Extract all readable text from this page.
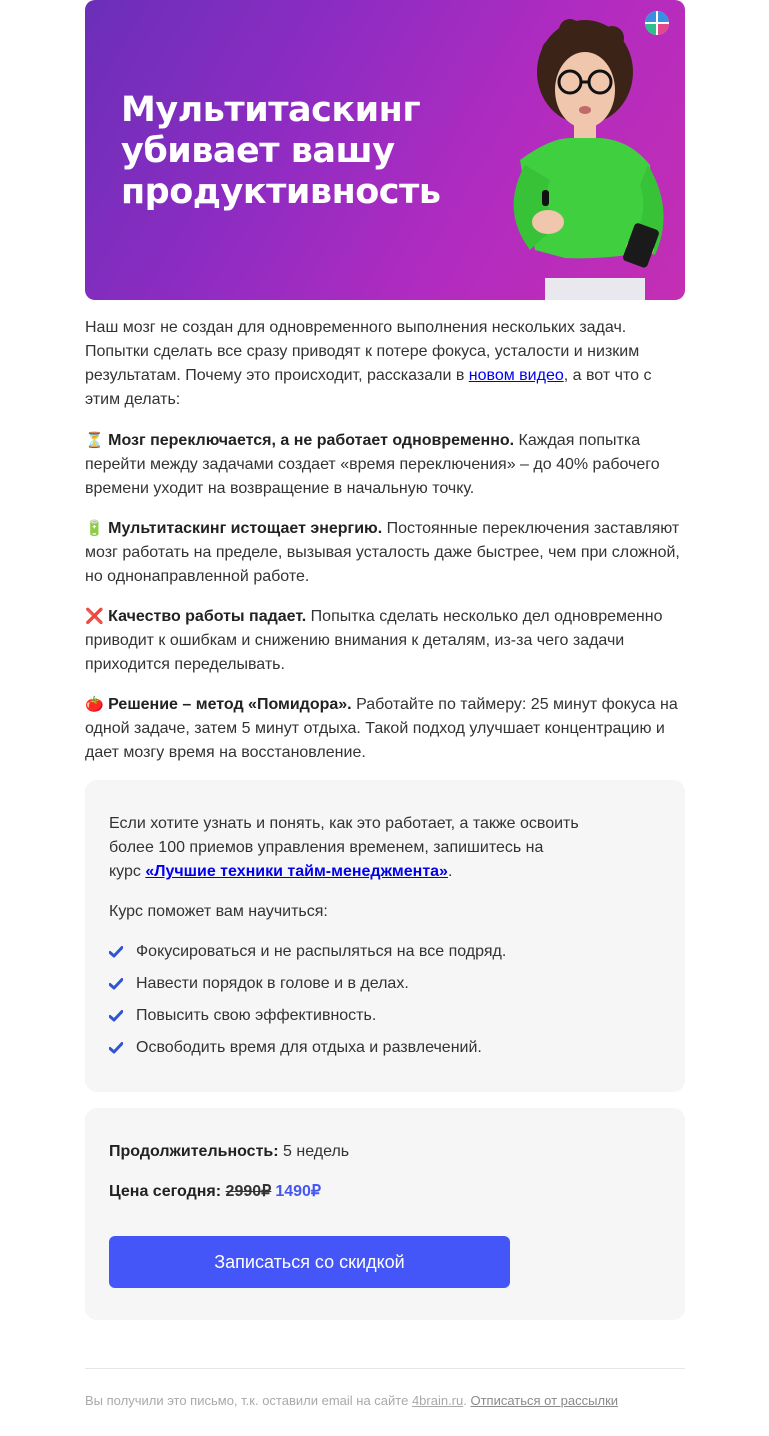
Мультитаскинг
убивает вашу
продуктивность

Наш мозг не создан для одновременного выполнения нескольких задач. Попытки сделать все сразу приводят к потере фокуса, усталости и низким результатам. Почему это происходит, рассказали в новом видео, а вот что с этим делать:

⏳ Мозг переключается, а не работает одновременно. Каждая попытка перейти между задачами создает «время переключения» – до 40% рабочего времени уходит на возвращение в начальную точку.

🔋 Мультитаскинг истощает энергию. Постоянные переключения заставляют мозг работать на пределе, вызывая усталость даже быстрее, чем при сложной, но однонаправленной работе.

❌ Качество работы падает. Попытка сделать несколько дел одновременно приводит к ошибкам и снижению внимания к деталям, из-за чего задачи приходится переделывать.

🍅 Решение – метод «Помидора». Работайте по таймеру: 25 минут фокуса на одной задаче, затем 5 минут отдыха. Такой подход улучшает концентрацию и дает мозгу время на восстановление.

Если хотите узнать и понять, как это работает, а также освоить более 100 приемов управления временем, запишитесь на
курс «Лучшие техники тайм-менеджмента».
Курс поможет вам научиться:
Фокусироваться и не распыляться на все подряд.
Навести порядок в голове и в делах.
Повысить свою эффективность.
Освободить время для отдыха и развлечений.
Продолжительность: 5 недель
Цена сегодня: 2990₽ 1490₽
Записаться со скидкой
Вы получили это письмо, т.к. оставили email на сайте 4brain.ru. Отписаться от рассылки
